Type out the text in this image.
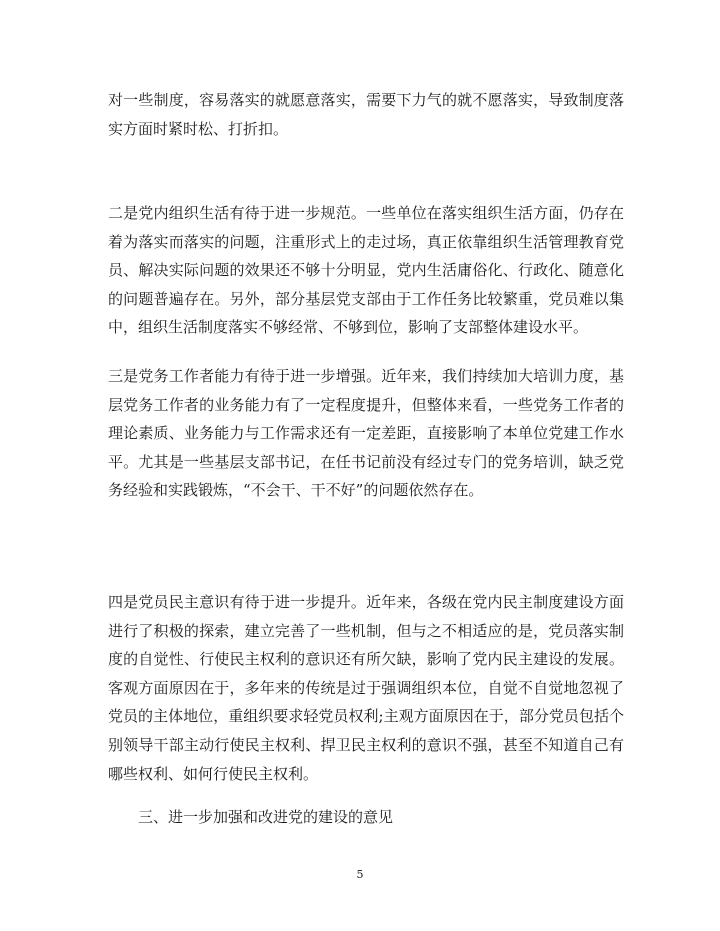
对一些制度，容易落实的就愿意落实，需要下力气的就不愿落实，导致制度落实方面时紧时松、打折扣。

二是党内组织生活有待于进一步规范。一些单位在落实组织生活方面，仍存在着为落实而落实的问题，注重形式上的走过场，真正依靠组织生活管理教育党员、解决实际问题的效果还不够十分明显，党内生活庸俗化、行政化、随意化的问题普遍存在。另外，部分基层党支部由于工作任务比较繁重，党员难以集中，组织生活制度落实不够经常、不够到位，影响了支部整体建设水平。

三是党务工作者能力有待于进一步增强。近年来，我们持续加大培训力度，基层党务工作者的业务能力有了一定程度提升，但整体来看，一些党务工作者的理论素质、业务能力与工作需求还有一定差距，直接影响了本单位党建工作水平。尤其是一些基层支部书记，在任书记前没有经过专门的党务培训，缺乏党务经验和实践锻炼，“不会干、干不好”的问题依然存在。

四是党员民主意识有待于进一步提升。近年来，各级在党内民主制度建设方面进行了积极的探索，建立完善了一些机制，但与之不相适应的是，党员落实制度的自觉性、行使民主权利的意识还有所欠缺，影响了党内民主建设的发展。客观方面原因在于，多年来的传统是过于强调组织本位，自觉不自觉地忽视了党员的主体地位，重组织要求轻党员权利;主观方面原因在于，部分党员包括个别领导干部主动行使民主权利、捍卫民主权利的意识不强，甚至不知道自己有哪些权利、如何行使民主权利。

三、进一步加强和改进党的建设的意见

5
